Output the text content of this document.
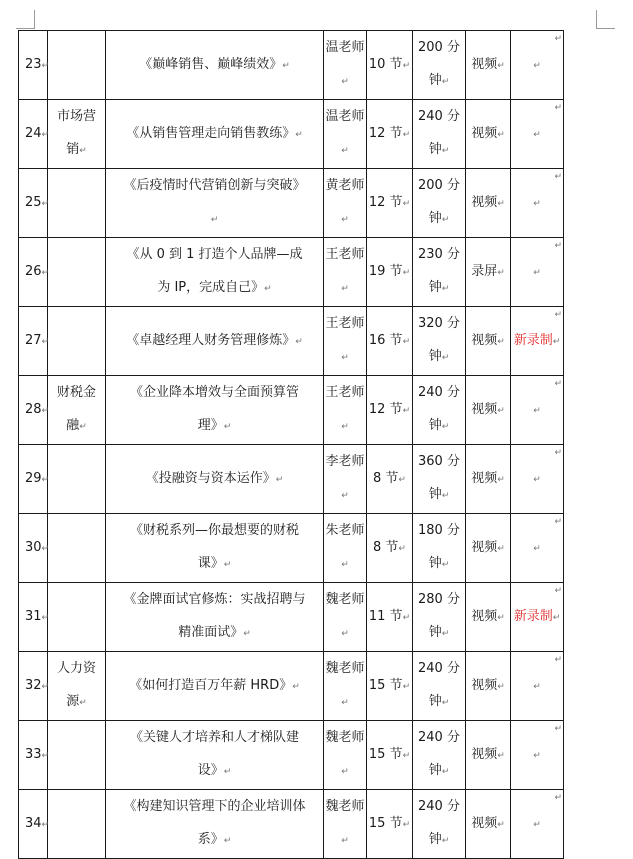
23↵		《巅峰销售、巅峰绩效》↵	温老师↵	10 节↵	200 分钟↵	视频↵	↵
↵
24↵	市场营销↵	《从销售管理走向销售教练》↵	温老师↵	12 节↵	240 分钟↵	视频↵	↵
↵
25↵		《后疫情时代营销创新与突破》↵	黄老师↵	12 节↵	200 分钟↵	视频↵	↵
↵
26↵		《从 0 到 1 打造个人品牌—成为 IP，完成自己》↵	王老师↵	19 节↵	230 分钟↵	录屏↵	↵
↵
27↵		《卓越经理人财务管理修炼》↵	王老师↵	16 节↵	320 分钟↵	视频↵	新录制
↵
↵
28↵	财税金融↵	《企业降本增效与全面预算管理》↵	王老师↵	12 节↵	240 分钟↵	视频↵	↵
↵
29↵		《投融资与资本运作》↵	李老师↵	8 节↵	360 分钟↵	视频↵	↵
↵
30↵		《财税系列—你最想要的财税课》↵	朱老师↵	8 节↵	180 分钟↵	视频↵	↵
↵
31↵		《金牌面试官修炼：实战招聘与精准面试》↵	魏老师↵	11 节↵	280 分钟↵	视频↵	新录制
↵
↵
32↵	人力资源↵	《如何打造百万年薪 HRD》↵	魏老师↵	15 节↵	240 分钟↵	视频↵	↵
↵
33↵		《关键人才培养和人才梯队建设》↵	魏老师↵	15 节↵	240 分钟↵	视频↵	↵
↵
34↵		《构建知识管理下的企业培训体系》↵	魏老师↵	15 节↵	240 分钟↵	视频↵	↵
↵
